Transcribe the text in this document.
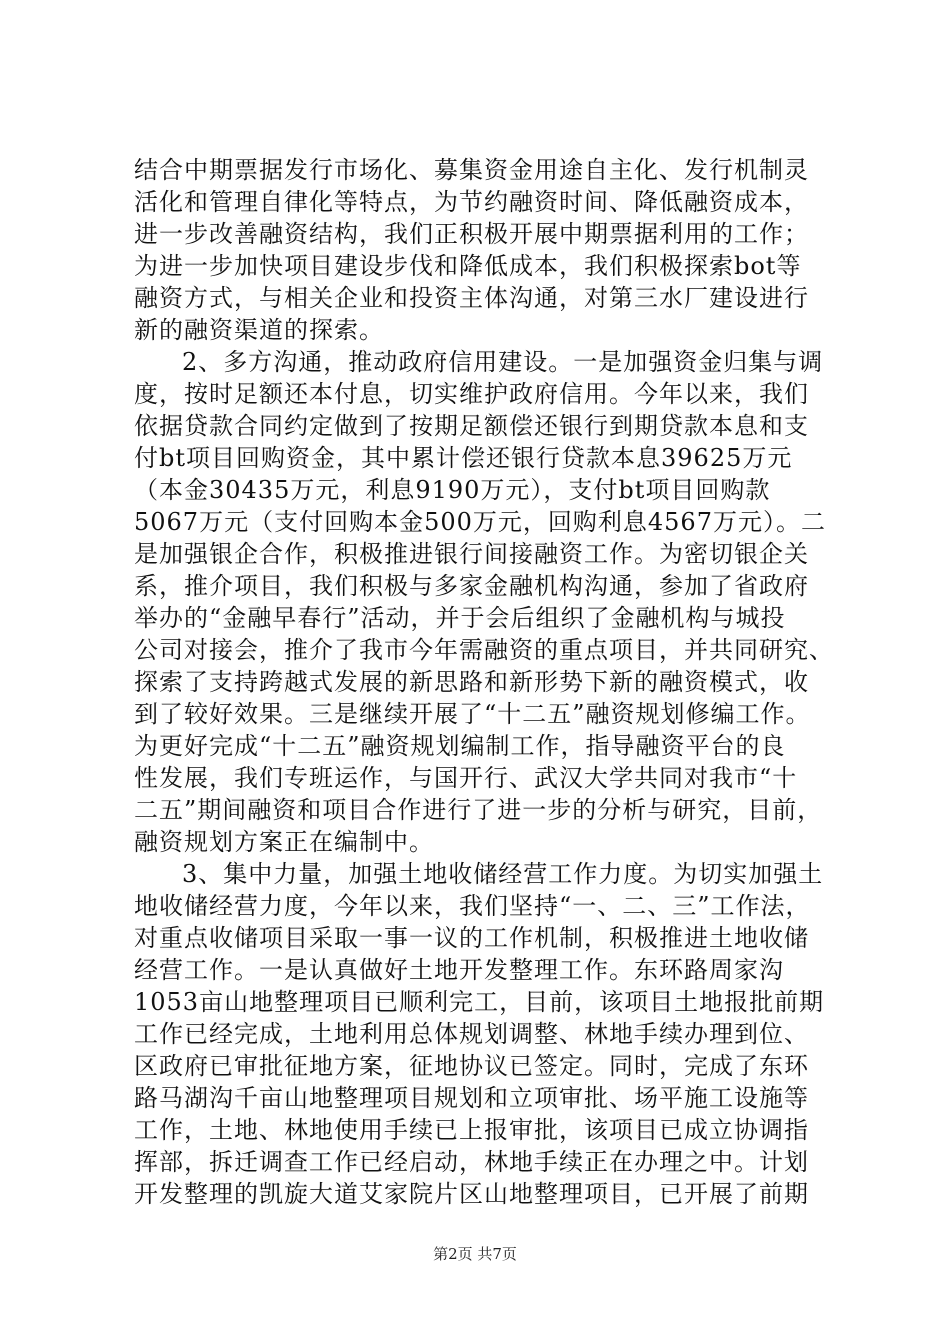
结合中期票据发行市场化、募集资金用途自主化、发行机制灵
活化和管理自律化等特点，为节约融资时间、降低融资成本，
进一步改善融资结构，我们正积极开展中期票据利用的工作；
为进一步加快项目建设步伐和降低成本，我们积极探索bot等
融资方式，与相关企业和投资主体沟通，对第三水厂建设进行
新的融资渠道的探索。
2、多方沟通，推动政府信用建设。一是加强资金归集与调
度，按时足额还本付息，切实维护政府信用。今年以来，我们
依据贷款合同约定做到了按期足额偿还银行到期贷款本息和支
付bt项目回购资金，其中累计偿还银行贷款本息39625万元
（本金30435万元，利息9190万元），支付bt项目回购款
5067万元（支付回购本金500万元，回购利息4567万元）。二
是加强银企合作，积极推进银行间接融资工作。为密切银企关
系，推介项目，我们积极与多家金融机构沟通，参加了省政府
举办的“金融早春行”活动，并于会后组织了金融机构与城投
公司对接会，推介了我市今年需融资的重点项目，并共同研究、
探索了支持跨越式发展的新思路和新形势下新的融资模式，收
到了较好效果。三是继续开展了“十二五”融资规划修编工作。
为更好完成“十二五”融资规划编制工作，指导融资平台的良
性发展，我们专班运作，与国开行、武汉大学共同对我市“十
二五”期间融资和项目合作进行了进一步的分析与研究，目前，
融资规划方案正在编制中。
3、集中力量，加强土地收储经营工作力度。为切实加强土
地收储经营力度，今年以来，我们坚持“一、二、三”工作法，
对重点收储项目采取一事一议的工作机制，积极推进土地收储
经营工作。一是认真做好土地开发整理工作。东环路周家沟
1053亩山地整理项目已顺利完工，目前，该项目土地报批前期
工作已经完成，土地利用总体规划调整、林地手续办理到位、
区政府已审批征地方案，征地协议已签定。同时，完成了东环
路马湖沟千亩山地整理项目规划和立项审批、场平施工设施等
工作，土地、林地使用手续已上报审批，该项目已成立协调指
挥部，拆迁调查工作已经启动，林地手续正在办理之中。计划
开发整理的凯旋大道艾家院片区山地整理项目，已开展了前期
第2页 共7页
